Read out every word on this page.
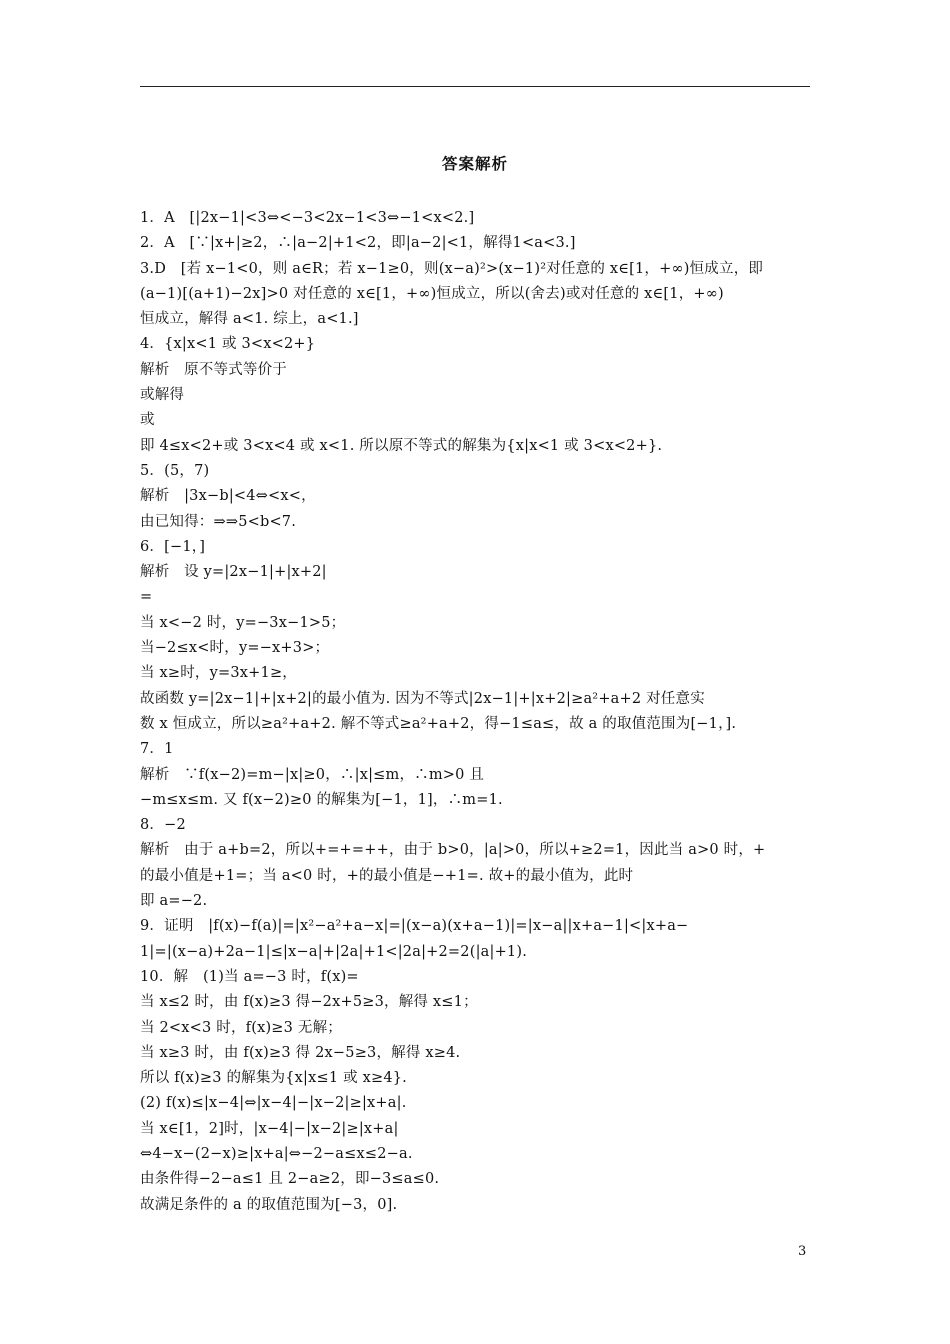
答案解析
1．A　[|2x−1|<3⇔<−3<2x−1<3⇔−1<x<2.]
2．A　[∵|x+|≥2，∴|a−2|+1<2，即|a−2|<1，解得1<a<3.]
3.D　[若 x−1<0，则 a∈R；若 x−1≥0，则(x−a)²>(x−1)²对任意的 x∈[1，+∞)恒成立，即
(a−1)[(a+1)−2x]>0 对任意的 x∈[1，+∞)恒成立，所以(舍去)或对任意的 x∈[1，+∞)
恒成立，解得 a<1. 综上，a<1.]
4．{x|x<1 或 3<x<2+}
解析　原不等式等价于
或解得
或
即 4≤x<2+或 3<x<4 或 x<1. 所以原不等式的解集为{x|x<1 或 3<x<2+}.
5．(5，7)
解析　|3x−b|<4⇔<x<，
由已知得：⇒⇒5<b<7.
6．[−1，]
解析　设 y=|2x−1|+|x+2|
=
当 x<−2 时，y=−3x−1>5；
当−2≤x<时，y=−x+3>；
当 x≥时，y=3x+1≥，
故函数 y=|2x−1|+|x+2|的最小值为. 因为不等式|2x−1|+|x+2|≥a²+a+2 对任意实
数 x 恒成立，所以≥a²+a+2. 解不等式≥a²+a+2，得−1≤a≤，故 a 的取值范围为[−1，].
7．1
解析　∵f(x−2)=m−|x|≥0，∴|x|≤m，∴m>0 且
−m≤x≤m. 又 f(x−2)≥0 的解集为[−1，1]，∴m=1.
8．−2
解析　由于 a+b=2，所以+=+=++，由于 b>0，|a|>0，所以+≥2=1，因此当 a>0 时，+
的最小值是+1=；当 a<0 时，+的最小值是−+1=. 故+的最小值为，此时
即 a=−2.
9．证明　|f(x)−f(a)|=|x²−a²+a−x|=|(x−a)(x+a−1)|=|x−a||x+a−1|<|x+a−
1|=|(x−a)+2a−1|≤|x−a|+|2a|+1<|2a|+2=2(|a|+1).
10．解　(1)当 a=−3 时，f(x)=
当 x≤2 时，由 f(x)≥3 得−2x+5≥3，解得 x≤1；
当 2<x<3 时，f(x)≥3 无解；
当 x≥3 时，由 f(x)≥3 得 2x−5≥3，解得 x≥4.
所以 f(x)≥3 的解集为{x|x≤1 或 x≥4}.
(2) f(x)≤|x−4|⇔|x−4|−|x−2|≥|x+a|.
当 x∈[1，2]时，|x−4|−|x−2|≥|x+a|
⇔4−x−(2−x)≥|x+a|⇔−2−a≤x≤2−a.
由条件得−2−a≤1 且 2−a≥2，即−3≤a≤0.
故满足条件的 a 的取值范围为[−3，0].
3
